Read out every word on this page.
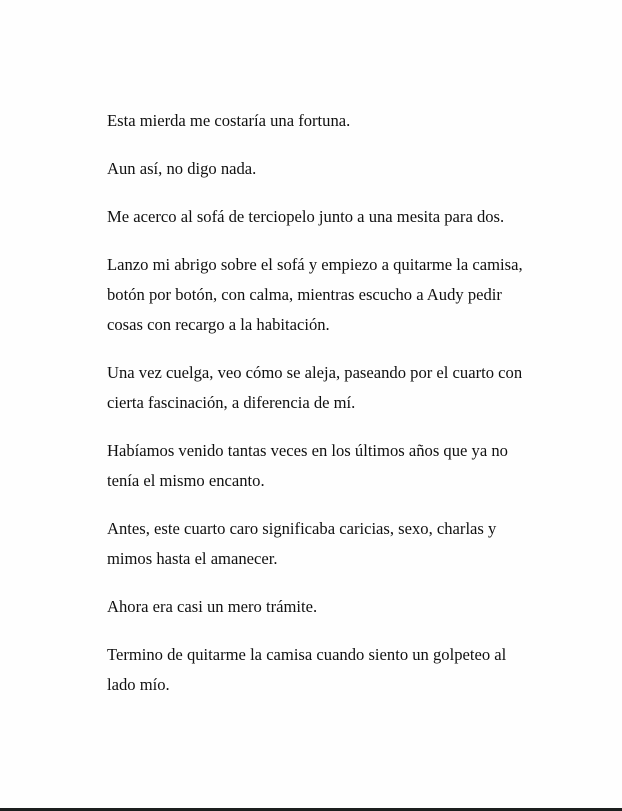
Esta mierda me costaría una fortuna.

Aun así, no digo nada.

Me acerco al sofá de terciopelo junto a una mesita para dos.

Lanzo mi abrigo sobre el sofá y empiezo a quitarme la camisa, botón por botón, con calma, mientras escucho a Audy pedir cosas con recargo a la habitación.

Una vez cuelga, veo cómo se aleja, paseando por el cuarto con cierta fascinación, a diferencia de mí.

Habíamos venido tantas veces en los últimos años que ya no tenía el mismo encanto.

Antes, este cuarto caro significaba caricias, sexo, charlas y mimos hasta el amanecer.

Ahora era casi un mero trámite.

Termino de quitarme la camisa cuando siento un golpeteo al lado mío.
